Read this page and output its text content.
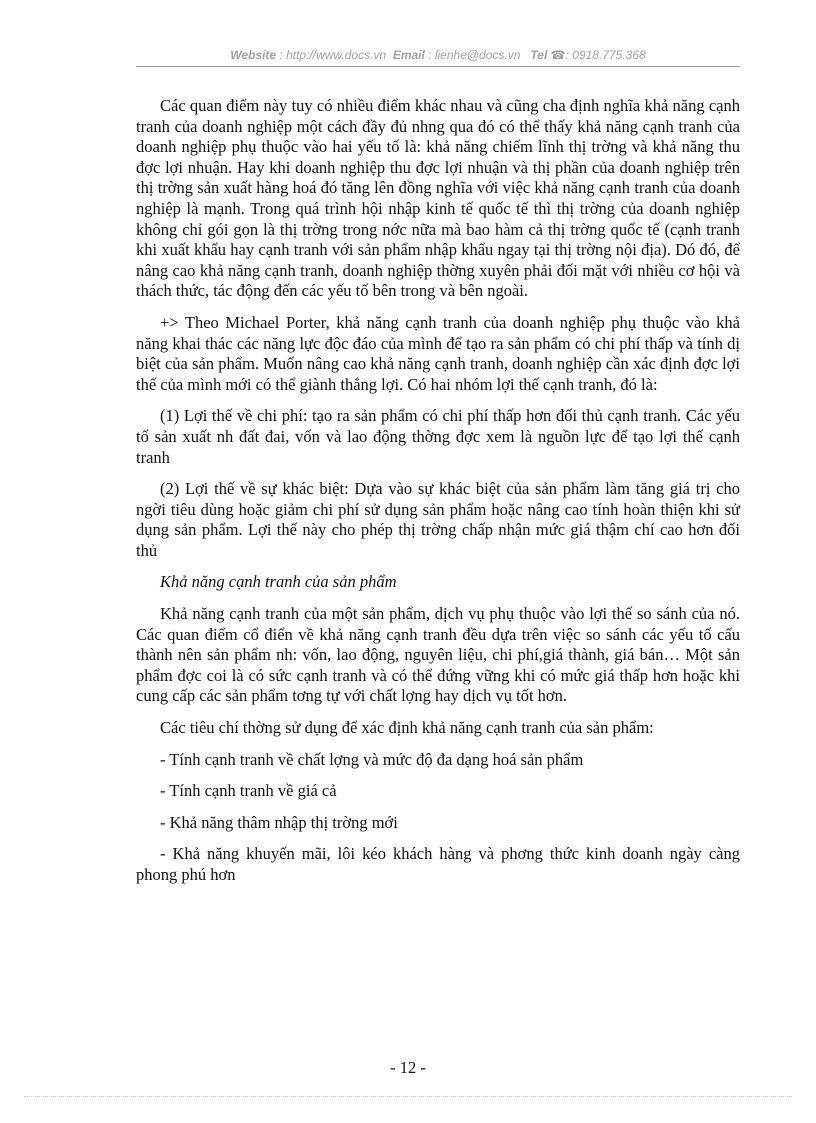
Website : http://www.docs.vn Email : lienhe@docs.vn Tel ☎: 0918.775.368

Các quan điểm này tuy có nhiều điểm khác nhau và cũng cha định nghĩa khả năng cạnh tranh của doanh nghiệp một cách đầy đủ nhng qua đó có thể thấy khả năng cạnh tranh của doanh nghiệp phụ thuộc vào hai yếu tố là: khả năng chiếm lĩnh thị trờng và khả năng thu đợc lợi nhuận. Hay khi doanh nghiệp thu đợc lợi nhuận và thị phần của doanh nghiệp trên thị trờng sản xuất hàng hoá đó tăng lên đồng nghĩa với việc khả năng cạnh tranh của doanh nghiệp là mạnh. Trong quá trình hội nhập kinh tế quốc tế thì thị trờng của doanh nghiệp không chỉ gói gọn là thị trờng trong nớc nữa mà bao hàm cả thị trờng quốc tế (cạnh tranh khi xuất khẩu hay cạnh tranh với sản phẩm nhập khẩu ngay tại thị trờng nội địa). Dó đó, để nâng cao khả năng cạnh tranh, doanh nghiệp thờng xuyên phải đối mặt với nhiều cơ hội và thách thức, tác động đến các yếu tố bên trong và bên ngoài.

+> Theo Michael Porter, khả năng cạnh tranh của doanh nghiệp phụ thuộc vào khả năng khai thác các năng lực độc đáo của mình để tạo ra sản phẩm có chi phí thấp và tính dị biệt của sản phẩm. Muốn nâng cao khả năng cạnh tranh, doanh nghiệp cần xác định đợc lợi thế của mình mới có thể giành thắng lợi. Có hai nhóm lợi thế cạnh tranh, đó là:

(1) Lợi thế về chi phí: tạo ra sản phẩm có chi phí thấp hơn đối thủ cạnh tranh. Các yếu tố sản xuất nh đất đai, vốn và lao động thờng đợc xem là nguồn lực để tạo lợi thế cạnh tranh

(2) Lợi thế về sự khác biệt: Dựa vào sự khác biệt của sản phẩm làm tăng giá trị cho ngời tiêu dùng hoặc giảm chi phí sử dụng sản phẩm hoặc nâng cao tính hoàn thiện khi sử dụng sản phẩm. Lợi thế này cho phép thị trờng chấp nhận mức giá thậm chí cao hơn đối thủ

Khả năng cạnh tranh của sản phẩm

Khả năng cạnh tranh của một sản phẩm, dịch vụ phụ thuộc vào lợi thế so sánh của nó. Các quan điểm cổ điển về khả năng cạnh tranh đều dựa trên việc so sánh các yếu tố cấu thành nên sản phẩm nh: vốn, lao động, nguyên liệu, chi phí,giá thành, giá bán… Một sản phẩm đợc coi là có sức cạnh tranh và có thể đứng vững khi có mức giá thấp hơn hoặc khi cung cấp các sản phẩm tơng tự với chất lợng hay dịch vụ tốt hơn.

Các tiêu chí thờng sử dụng để xác định khả năng cạnh tranh của sản phẩm:

- Tính cạnh tranh về chất lợng và mức độ đa dạng hoá sản phẩm

- Tính cạnh tranh về giá cả

- Khả năng thâm nhập thị trờng mới

- Khả năng khuyến mãi, lôi kéo khách hàng và phơng thức kinh doanh ngày càng phong phú hơn

- 12 -
